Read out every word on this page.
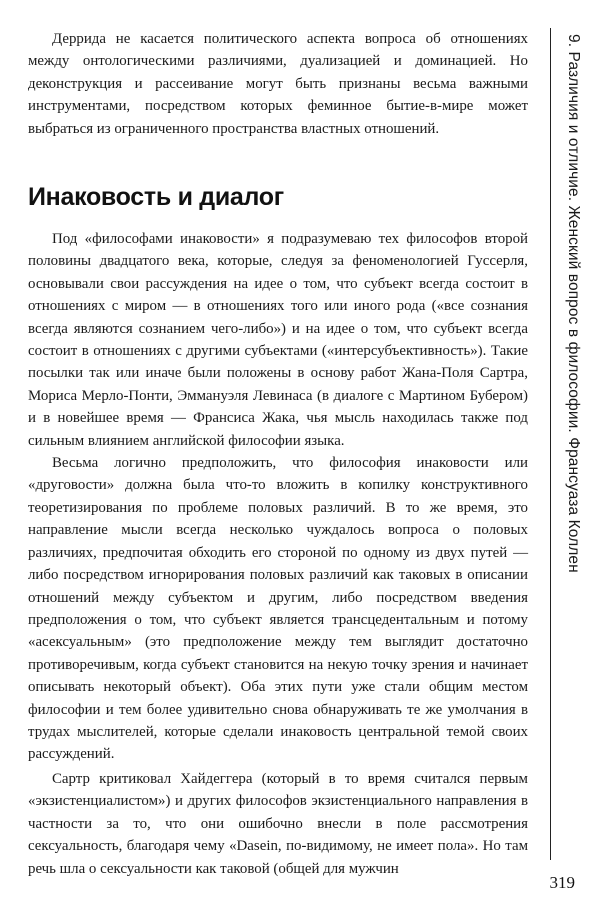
Деррида не касается политического аспекта вопроса об отношениях между онтологическими различиями, дуализацией и доминацией. Но деконструкция и рассеивание могут быть признаны весьма важными инструментами, посредством которых феминное бытие-в-мире может выбраться из ограниченного пространства властных отношений.

Инаковость и диалог

Под «философами инаковости» я подразумеваю тех философов второй половины двадцатого века, которые, следуя за феноменологией Гуссерля, основывали свои рассуждения на идее о том, что субъект всегда состоит в отношениях с миром — в отношениях того или иного рода («все сознания всегда являются сознанием чего-либо») и на идее о том, что субъект всегда состоит в отношениях с другими субъектами («интерсубъективность»). Такие посылки так или иначе были положены в основу работ Жана-Поля Сартра, Мориса Мерло-Понти, Эммануэля Левинаса (в диалоге с Мартином Бубером) и в новейшее время — Франсиса Жака, чья мысль находилась также под сильным влиянием английской философии языка.

Весьма логично предположить, что философия инаковости или «друговости» должна была что-то вложить в копилку конструктивного теоретизирования по проблеме половых различий. В то же время, это направление мысли всегда несколько чуждалось вопроса о половых различиях, предпочитая обходить его стороной по одному из двух путей — либо посредством игнорирования половых различий как таковых в описании отношений между субъектом и другим, либо посредством введения предположения о том, что субъект является трансцедентальным и потому «асексуальным» (это предположение между тем выглядит достаточно противоречивым, когда субъект становится на некую точку зрения и начинает описывать некоторый объект). Оба этих пути уже стали общим местом философии и тем более удивительно снова обнаруживать те же умолчания в трудах мыслителей, которые сделали инаковость центральной темой своих рассуждений.

Сартр критиковал Хайдеггера (который в то время считался первым «экзистенциалистом») и других философов экзистенциального направления в частности за то, что они ошибочно внесли в поле рассмотрения сексуальность, благодаря чему «Dasein, по-видимому, не имеет пола». Но там речь шла о сексуальности как таковой (общей для мужчин

9. Различия и отличие. Женский вопрос в философии. Франсуаза Коллен
319
